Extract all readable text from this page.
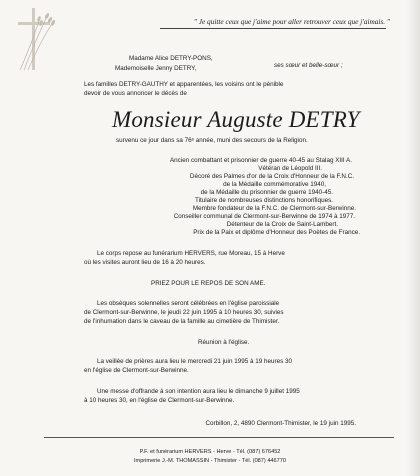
" Je quitte ceux que j'aime pour aller retrouver ceux que j'aimais. "
Madame Alice DETRY-PONS,
Mademoiselle Jenny DETRY,	ses sœur et belle-sœur ;
Les familles DETRY-GAUTHY et apparentées, les voisins ont le pénible
devoir de vous annoncer le décès de
Monsieur Auguste DETRY
survenu ce jour dans sa 76ᵉ année, muni des secours de la Religion.
Ancien combattant et prisonnier de guerre 40-45 au Stalag XIII A.
Vétéran de Léopold III.
Décoré des Palmes d'or de la Croix d'Honneur de la F.N.C.
de la Médaille commémorative 1940,
de la Médaille du prisonnier de guerre 1940-45.
Titulaire de nombreuses distinctions honorifiques.
Membre fondateur de la F.N.C. de Clermont-sur-Berwinne.
Conseiller communal de Clermont-sur-Berwinne de 1974 à 1977.
Détenteur de la Croix de Saint-Lambert.
Prix de la Paix et diplôme d'Honneur des Poètes de France.
Le corps repose au funérarium HERVERS, rue Moreau, 15 à Herve
où les visites auront lieu de 16 à 20 heures.
PRIEZ POUR LE REPOS DE SON AME.
Les obsèques solennelles seront célébrées en l'église paroissiale
de Clermont-sur-Berwinne, le jeudi 22 juin 1995 à 10 heures 30, suivies
de l'inhumation dans le caveau de la famille au cimetière de Thimister.
Réunion à l'église.
La veillée de prières aura lieu le mercredi 21 juin 1995 à 19 heures 30
en l'église de Clermont-sur-Berwinne.
Une messe d'offrande à son intention aura lieu le dimanche 9 juillet 1995
à 10 heures 30, en l'église de Clermont-sur-Berwinne.
Corbillon, 2, 4890 Clermont-Thimister, le 19 juin 1995.
P.F. et funérarium HERVERS - Herve - Tél. (087) 676452
Imprimerie J.-M. THOMASSIN - Thimister - Tél. (087) 446770
